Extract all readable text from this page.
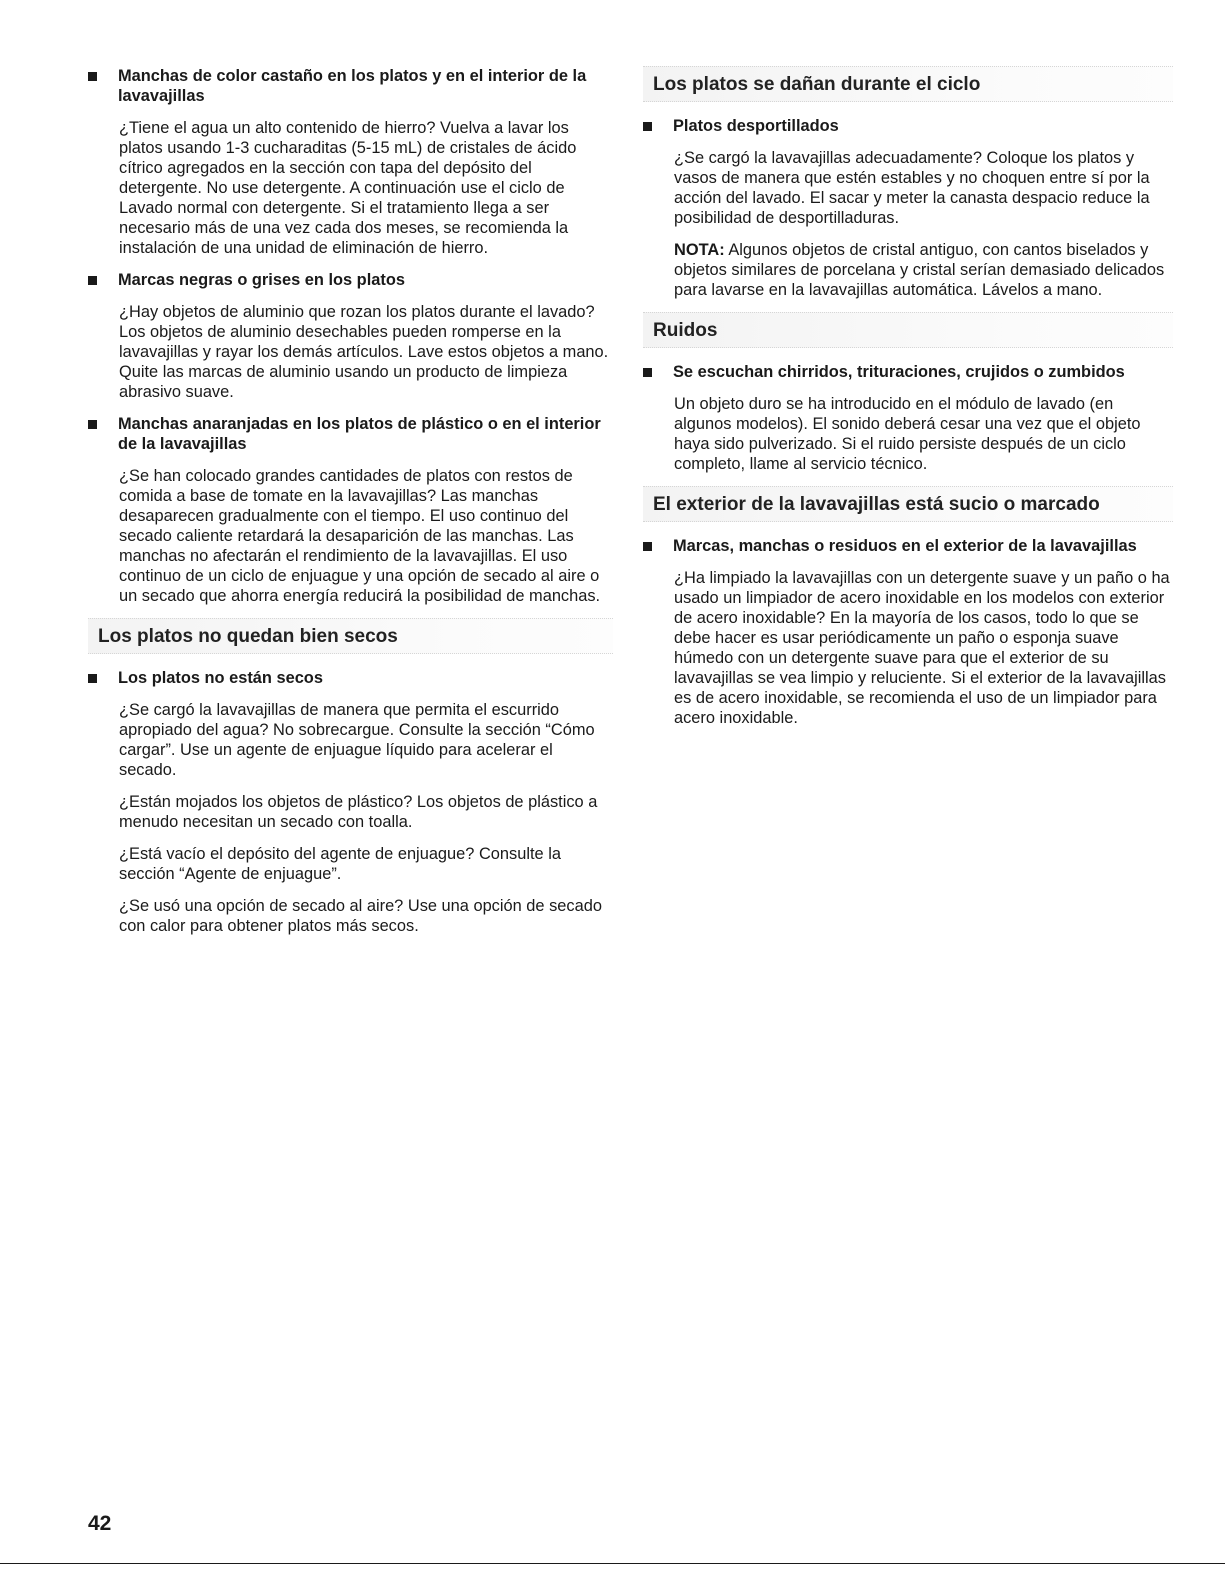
Manchas de color castaño en los platos y en el interior de la lavavajillas

¿Tiene el agua un alto contenido de hierro? Vuelva a lavar los platos usando 1-3 cucharaditas (5-15 mL) de cristales de ácido cítrico agregados en la sección con tapa del depósito del detergente. No use detergente. A continuación use el ciclo de Lavado normal con detergente. Si el tratamiento llega a ser necesario más de una vez cada dos meses, se recomienda la instalación de una unidad de eliminación de hierro.

Marcas negras o grises en los platos

¿Hay objetos de aluminio que rozan los platos durante el lavado? Los objetos de aluminio desechables pueden romperse en la lavavajillas y rayar los demás artículos. Lave estos objetos a mano. Quite las marcas de aluminio usando un producto de limpieza abrasivo suave.

Manchas anaranjadas en los platos de plástico o en el interior de la lavavajillas

¿Se han colocado grandes cantidades de platos con restos de comida a base de tomate en la lavavajillas? Las manchas desaparecen gradualmente con el tiempo. El uso continuo del secado caliente retardará la desaparición de las manchas. Las manchas no afectarán el rendimiento de la lavavajillas. El uso continuo de un ciclo de enjuague y una opción de secado al aire o un secado que ahorra energía reducirá la posibilidad de manchas.

Los platos no quedan bien secos
Los platos no están secos

¿Se cargó la lavavajillas de manera que permita el escurrido apropiado del agua? No sobrecargue. Consulte la sección “Cómo cargar”. Use un agente de enjuague líquido para acelerar el secado.

¿Están mojados los objetos de plástico? Los objetos de plástico a menudo necesitan un secado con toalla.

¿Está vacío el depósito del agente de enjuague? Consulte la sección “Agente de enjuague”.

¿Se usó una opción de secado al aire? Use una opción de secado con calor para obtener platos más secos.

Los platos se dañan durante el ciclo
Platos desportillados

¿Se cargó la lavavajillas adecuadamente? Coloque los platos y vasos de manera que estén estables y no choquen entre sí por la acción del lavado. El sacar y meter la canasta despacio reduce la posibilidad de desportilladuras.

NOTA: Algunos objetos de cristal antiguo, con cantos biselados y objetos similares de porcelana y cristal serían demasiado delicados para lavarse en la lavavajillas automática. Lávelos a mano.

Ruidos
Se escuchan chirridos, trituraciones, crujidos o zumbidos

Un objeto duro se ha introducido en el módulo de lavado (en algunos modelos). El sonido deberá cesar una vez que el objeto haya sido pulverizado. Si el ruido persiste después de un ciclo completo, llame al servicio técnico.

El exterior de la lavavajillas está sucio o marcado
Marcas, manchas o residuos en el exterior de la lavavajillas

¿Ha limpiado la lavavajillas con un detergente suave y un paño o ha usado un limpiador de acero inoxidable en los modelos con exterior de acero inoxidable? En la mayoría de los casos, todo lo que se debe hacer es usar periódicamente un paño o esponja suave húmedo con un detergente suave para que el exterior de su lavavajillas se vea limpio y reluciente. Si el exterior de la lavavajillas es de acero inoxidable, se recomienda el uso de un limpiador para acero inoxidable.

42
